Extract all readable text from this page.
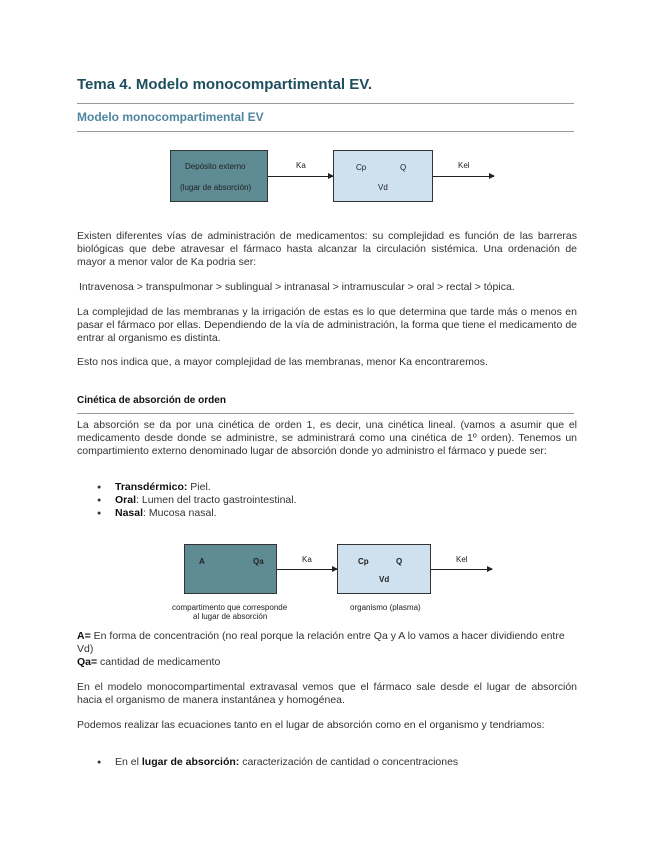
Tema 4. Modelo monocompartimental EV.
Modelo monocompartimental EV
Depósito externo
(lugar de absorción)
Ka	Cp	Q
Vd
Kel
Existen diferentes vías de administración de medicamentos: su complejidad es función de las barreras biológicas que debe atravesar el fármaco hasta alcanzar la circulación sistémica. Una ordenación de mayor a menor valor de Ka podria ser:
Intravenosa > transpulmonar > sublingual > intranasal > intramuscular > oral > rectal > tópica.
La complejidad de las membranas y la irrigación de estas es lo que determina que tarde más o menos en pasar el fármaco por ellas. Dependiendo de la vía de administración, la forma que tiene el medicamento de entrar al organismo es distinta.
Esto nos indica que, a mayor complejidad de las membranas, menor Ka encontraremos.
Cinética de absorción de orden
La absorción se da por una cinética de orden 1, es decir, una cinética lineal. (vamos a asumir que el medicamento desde donde se administre, se administrará como una cinética de 1º orden). Tenemos un compartimiento externo denominado lugar de absorción donde yo administro el fármaco y puede ser:
● Transdérmico: Piel.
● Oral: Lumen del tracto gastrointestinal.
● Nasal: Mucosa nasal.
A	Qa	Ka	Cp	Q
Vd
Kel
compartimento que corresponde
al lugar de absorción
organismo (plasma)
A= En forma de concentración (no real porque la relación entre Qa y A lo vamos a hacer dividiendo entre Vd)
Qa= cantidad de medicamento
En el modelo monocompartimental extravasal vemos que el fármaco sale desde el lugar de absorción hacia el organismo de manera instantánea y homogénea.
Podemos realizar las ecuaciones tanto en el lugar de absorción como en el organismo y tendriamos:
● En el lugar de absorción: caracterización de cantidad o concentraciones
